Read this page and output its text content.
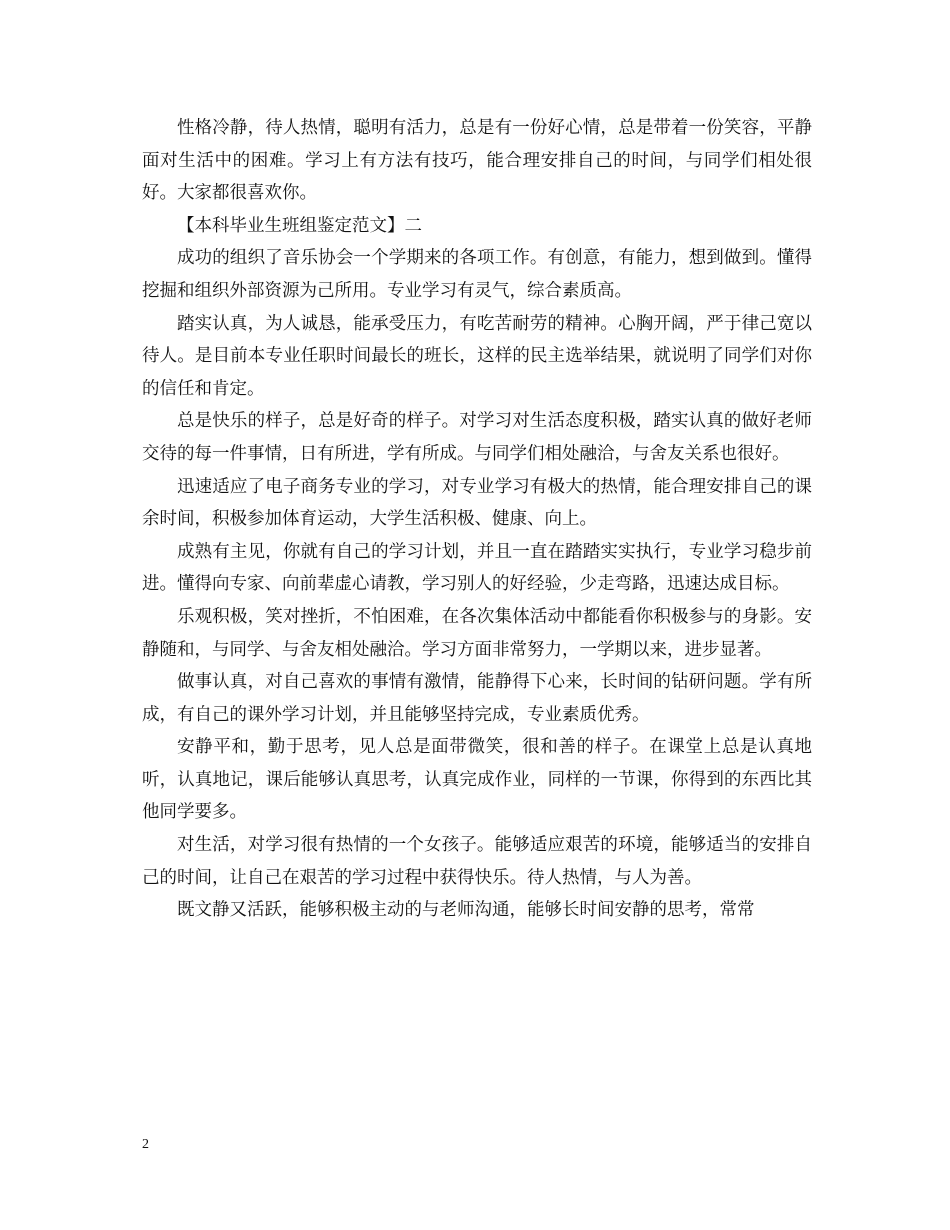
性格冷静，待人热情，聪明有活力，总是有一份好心情，总是带着一份笑容，平静面对生活中的困难。学习上有方法有技巧，能合理安排自己的时间，与同学们相处很好。大家都很喜欢你。

【本科毕业生班组鉴定范文】二

成功的组织了音乐协会一个学期来的各项工作。有创意，有能力，想到做到。懂得挖掘和组织外部资源为己所用。专业学习有灵气，综合素质高。

踏实认真，为人诚恳，能承受压力，有吃苦耐劳的精神。心胸开阔，严于律己宽以待人。是目前本专业任职时间最长的班长，这样的民主选举结果，就说明了同学们对你的信任和肯定。

总是快乐的样子，总是好奇的样子。对学习对生活态度积极，踏实认真的做好老师交待的每一件事情，日有所进，学有所成。与同学们相处融洽，与舍友关系也很好。

迅速适应了电子商务专业的学习，对专业学习有极大的热情，能合理安排自己的课余时间，积极参加体育运动，大学生活积极、健康、向上。

成熟有主见，你就有自己的学习计划，并且一直在踏踏实实执行，专业学习稳步前进。懂得向专家、向前辈虚心请教，学习别人的好经验，少走弯路，迅速达成目标。

乐观积极，笑对挫折，不怕困难，在各次集体活动中都能看你积极参与的身影。安静随和，与同学、与舍友相处融洽。学习方面非常努力，一学期以来，进步显著。

做事认真，对自己喜欢的事情有激情，能静得下心来，长时间的钻研问题。学有所成，有自己的课外学习计划，并且能够坚持完成，专业素质优秀。

安静平和，勤于思考，见人总是面带微笑，很和善的样子。在课堂上总是认真地听，认真地记，课后能够认真思考，认真完成作业，同样的一节课，你得到的东西比其他同学要多。

对生活，对学习很有热情的一个女孩子。能够适应艰苦的环境，能够适当的安排自己的时间，让自己在艰苦的学习过程中获得快乐。待人热情，与人为善。

既文静又活跃，能够积极主动的与老师沟通，能够长时间安静的思考，常常

2
